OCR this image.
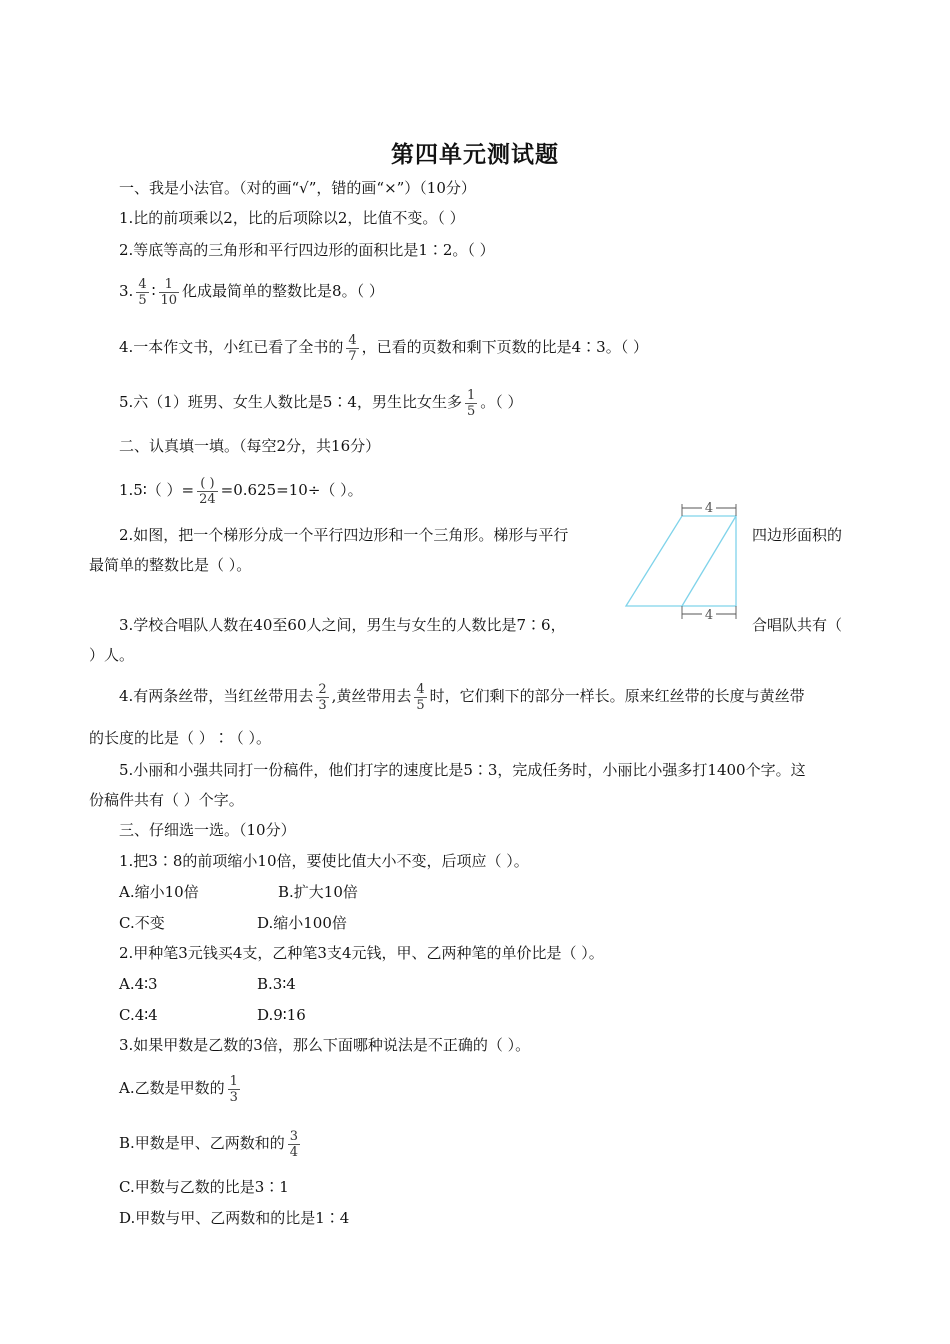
第四单元测试题
一、我是小法官。（对的画“√”，错的画“×”）（10分）
1.比的前项乘以2，比的后项除以2，比值不变。（ ）
2.等底等高的三角形和平行四边形的面积比是1∶2。（ ）
3. $\frac{4}{5}$ ∶ $\frac{1}{10}$ 化成最简单的整数比是8。（ ）
4.一本作文书，小红已看了全书的 $\frac{4}{7}$ ，已看的页数和剩下页数的比是4∶3。（ ）
5.六（1）班男、女生人数比是5∶4，男生比女生多 $\frac{1}{5}$ 。（ ）
二、认真填一填。（每空2分，共16分）
1.5∶（ ）= $\frac{( )}{24} =0.625=10\div$（ ）。
2.如图，把一个梯形分成一个平行四边形和一个三角形。梯形与平行	四边形面积的
最简单的整数比是（ ）。
3.学校合唱队人数在40至60人之间，男生与女生的人数比是7∶6，	合唱队共有（
）人。
4
4
4.有两条丝带，当红丝带用去 $\frac{2}{3}$ ,黄丝带用去 $\frac{4}{5}$ 时，它们剩下的部分一样长。原来红丝带的长度与黄丝带
的长度的比是（ ）∶（ ）。
5.小丽和小强共同打一份稿件，他们打字的速度比是5∶3，完成任务时，小丽比小强多打1400个字。这
份稿件共有（ ）个字。
三、仔细选一选。（10分）
1.把3∶8的前项缩小10倍，要使比值大小不变，后项应（ ）。
A.缩小10倍	B.扩大10倍
C.不变	D.缩小100倍
2.甲种笔3元钱买4支，乙种笔3支4元钱，甲、乙两种笔的单价比是（ ）。
A.4∶3	B.3∶4
C.4∶4	D.9∶16
3.如果甲数是乙数的3倍，那么下面哪种说法是不正确的（ ）。
A.乙数是甲数的 $\frac{1}{3}$
B.甲数是甲、乙两数和的 $\frac{3}{4}$
C.甲数与乙数的比是3∶1
D.甲数与甲、乙两数和的比是1∶4
